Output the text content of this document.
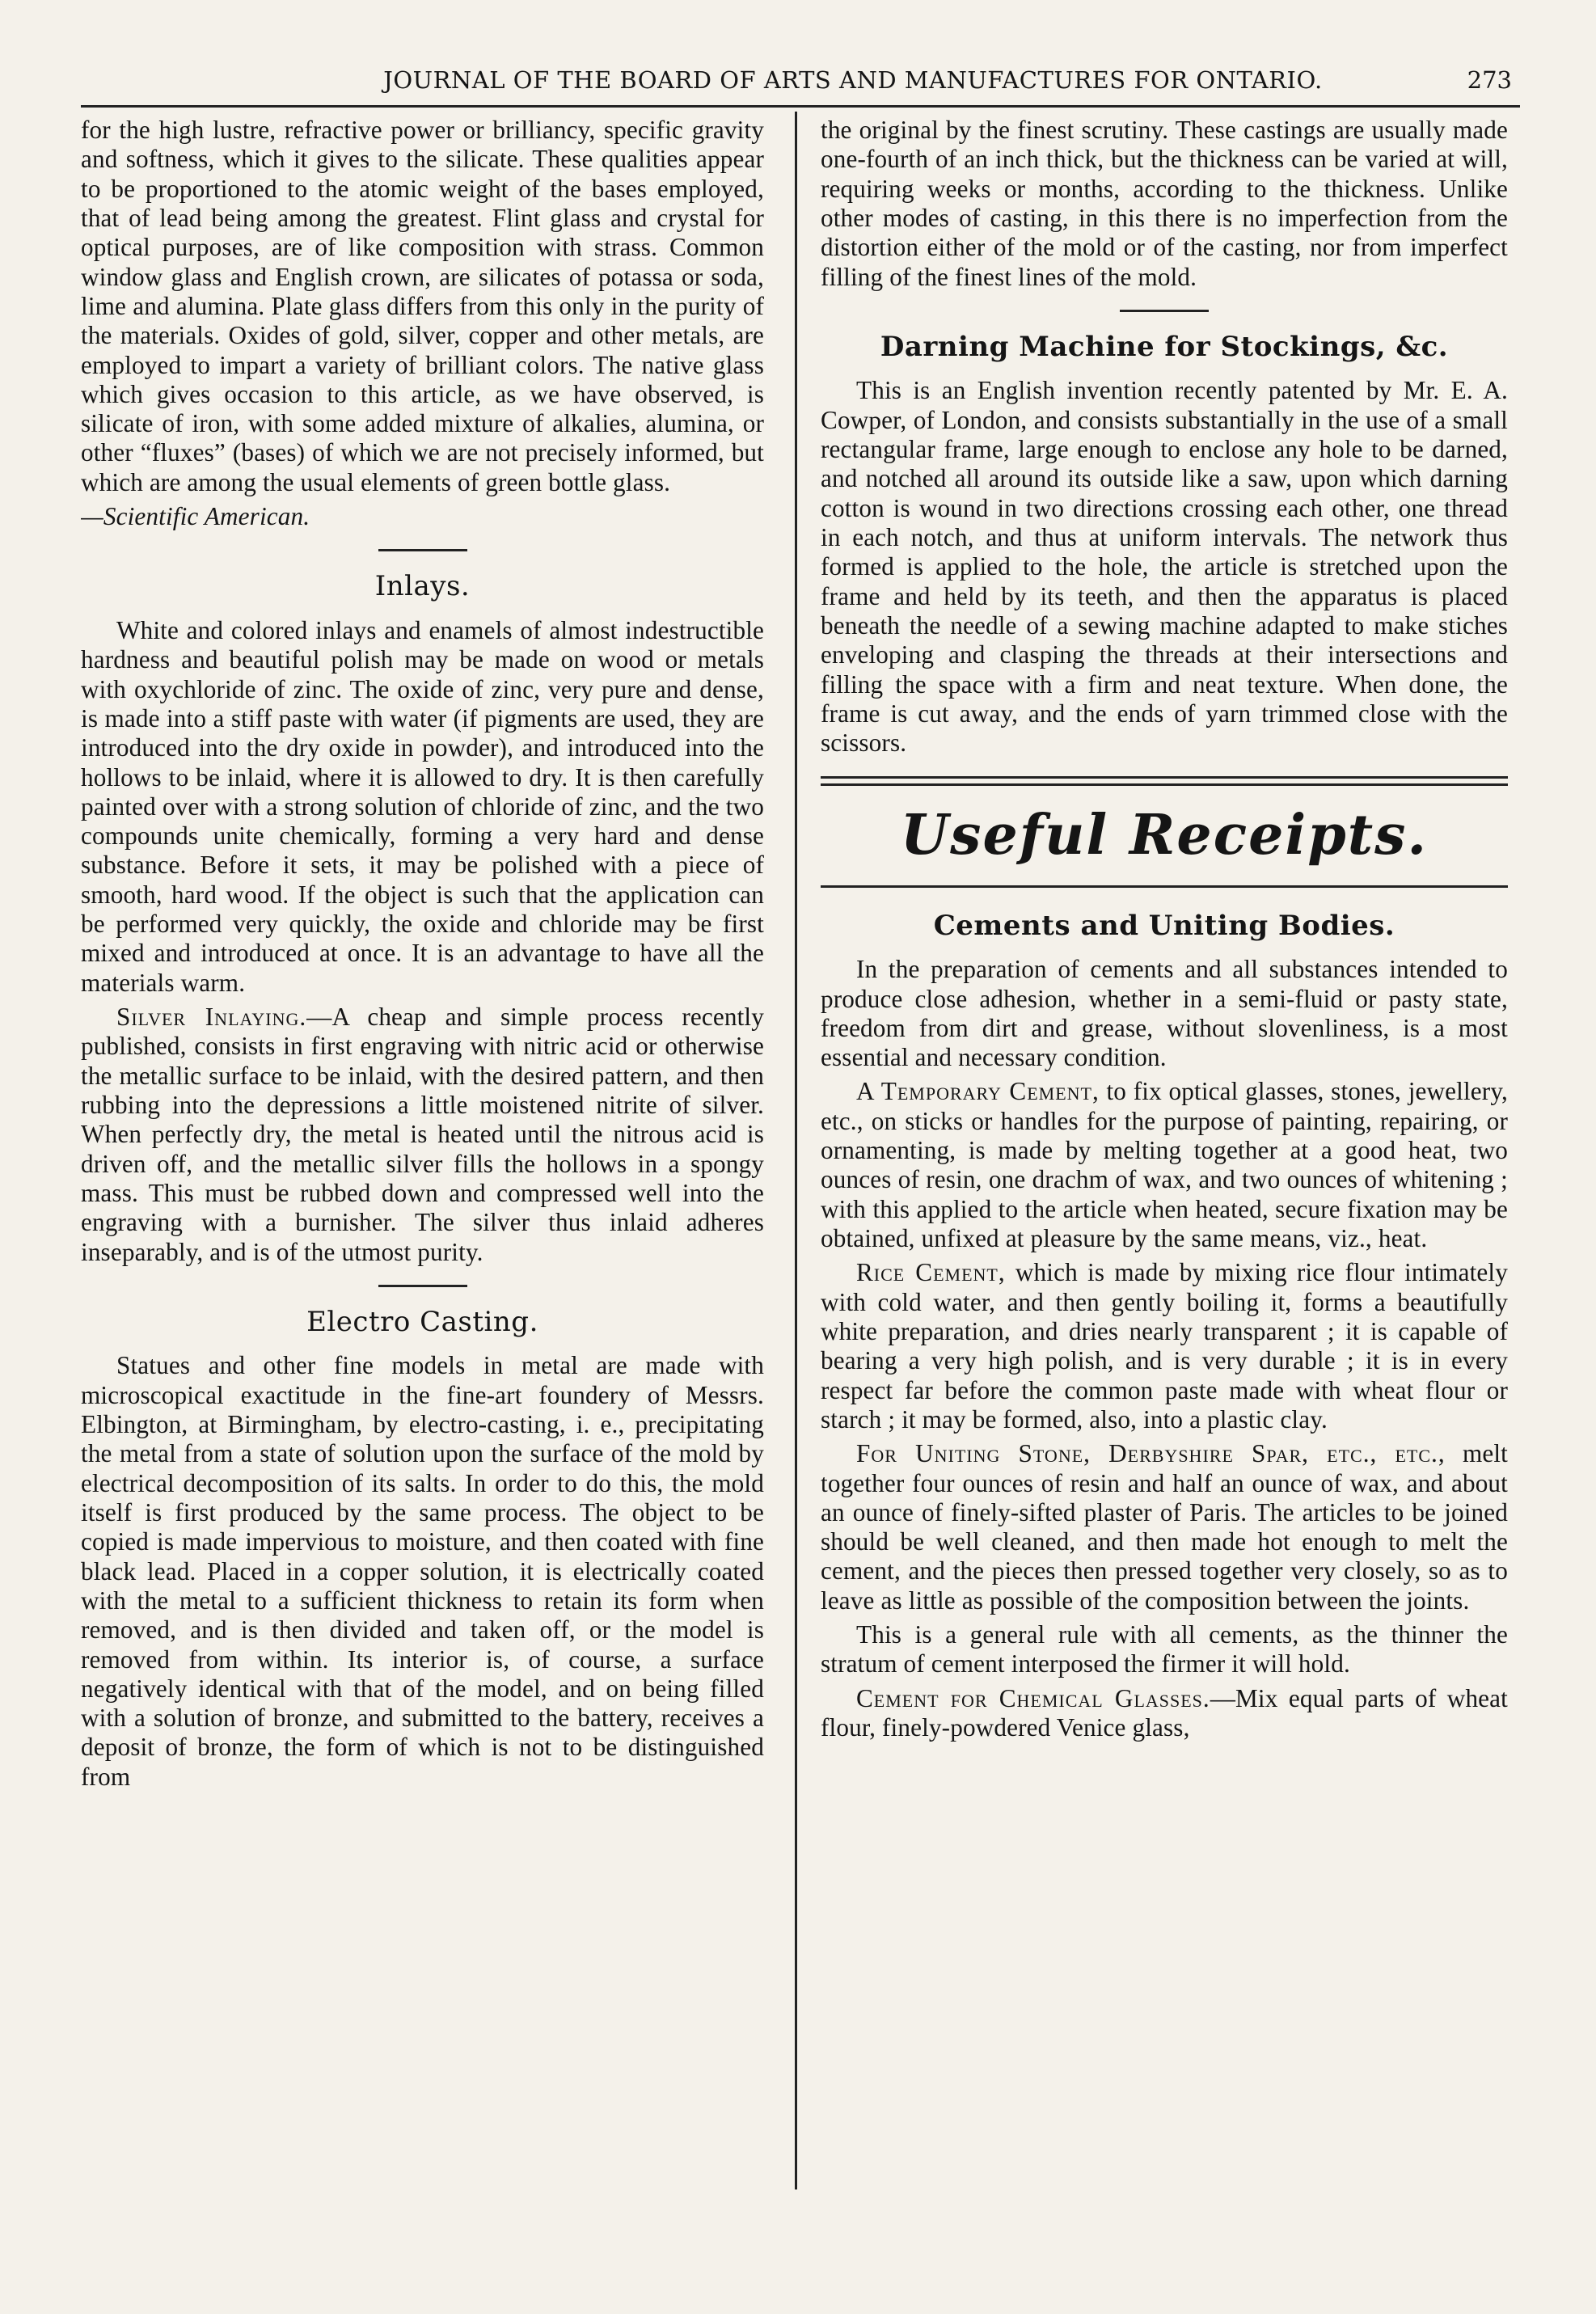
JOURNAL OF THE BOARD OF ARTS AND MANUFACTURES FOR ONTARIO.	273

for the high lustre, refractive power or brilliancy, specific gravity and softness, which it gives to the silicate. These qualities appear to be proportioned to the atomic weight of the bases employed, that of lead being among the greatest. Flint glass and crystal for optical purposes, are of like composition with strass. Common window glass and English crown, are silicates of potassa or soda, lime and alumina. Plate glass differs from this only in the purity of the materials. Oxides of gold, silver, copper and other metals, are employed to impart a variety of brilliant colors. The native glass which gives occasion to this article, as we have observed, is silicate of iron, with some added mixture of alkalies, alumina, or other “fluxes” (bases) of which we are not precisely informed, but which are among the usual elements of green bottle glass.

—Scientific American.

Inlays.

White and colored inlays and enamels of almost indestructible hardness and beautiful polish may be made on wood or metals with oxychloride of zinc. The oxide of zinc, very pure and dense, is made into a stiff paste with water (if pigments are used, they are introduced into the dry oxide in powder), and introduced into the hollows to be inlaid, where it is allowed to dry. It is then carefully painted over with a strong solution of chloride of zinc, and the two compounds unite chemically, forming a very hard and dense substance. Before it sets, it may be polished with a piece of smooth, hard wood. If the object is such that the application can be performed very quickly, the oxide and chloride may be first mixed and introduced at once. It is an advantage to have all the materials warm.

Silver Inlaying.—A cheap and simple process recently published, consists in first engraving with nitric acid or otherwise the metallic surface to be inlaid, with the desired pattern, and then rubbing into the depressions a little moistened nitrite of silver. When perfectly dry, the metal is heated until the nitrous acid is driven off, and the metallic silver fills the hollows in a spongy mass. This must be rubbed down and compressed well into the engraving with a burnisher. The silver thus inlaid adheres inseparably, and is of the utmost purity.

Electro Casting.

Statues and other fine models in metal are made with microscopical exactitude in the fine-art foundery of Messrs. Elbington, at Birmingham, by electro-casting, i. e., precipitating the metal from a state of solution upon the surface of the mold by electrical decomposition of its salts. In order to do this, the mold itself is first produced by the same process. The object to be copied is made impervious to moisture, and then coated with fine black lead. Placed in a copper solution, it is electrically coated with the metal to a sufficient thickness to retain its form when removed, and is then divided and taken off, or the model is removed from within. Its interior is, of course, a surface negatively identical with that of the model, and on being filled with a solution of bronze, and submitted to the battery, receives a deposit of bronze, the form of which is not to be distinguished from

the original by the finest scrutiny. These castings are usually made one-fourth of an inch thick, but the thickness can be varied at will, requiring weeks or months, according to the thickness. Unlike other modes of casting, in this there is no imperfection from the distortion either of the mold or of the casting, nor from imperfect filling of the finest lines of the mold.

Darning Machine for Stockings, &c.

This is an English invention recently patented by Mr. E. A. Cowper, of London, and consists substantially in the use of a small rectangular frame, large enough to enclose any hole to be darned, and notched all around its outside like a saw, upon which darning cotton is wound in two directions crossing each other, one thread in each notch, and thus at uniform intervals. The network thus formed is applied to the hole, the article is stretched upon the frame and held by its teeth, and then the apparatus is placed beneath the needle of a sewing machine adapted to make stiches enveloping and clasping the threads at their intersections and filling the space with a firm and neat texture. When done, the frame is cut away, and the ends of yarn trimmed close with the scissors.

Useful Receipts.
Cements and Uniting Bodies.

In the preparation of cements and all substances intended to produce close adhesion, whether in a semi-fluid or pasty state, freedom from dirt and grease, without slovenliness, is a most essential and necessary condition.

A Temporary Cement, to fix optical glasses, stones, jewellery, etc., on sticks or handles for the purpose of painting, repairing, or ornamenting, is made by melting together at a good heat, two ounces of resin, one drachm of wax, and two ounces of whitening ; with this applied to the article when heated, secure fixation may be obtained, unfixed at pleasure by the same means, viz., heat.

Rice Cement, which is made by mixing rice flour intimately with cold water, and then gently boiling it, forms a beautifully white preparation, and dries nearly transparent ; it is capable of bearing a very high polish, and is very durable ; it is in every respect far before the common paste made with wheat flour or starch ; it may be formed, also, into a plastic clay.

For Uniting Stone, Derbyshire Spar, etc., etc., melt together four ounces of resin and half an ounce of wax, and about an ounce of finely-sifted plaster of Paris. The articles to be joined should be well cleaned, and then made hot enough to melt the cement, and the pieces then pressed together very closely, so as to leave as little as possible of the composition between the joints.

This is a general rule with all cements, as the thinner the stratum of cement interposed the firmer it will hold.

Cement for Chemical Glasses.—Mix equal parts of wheat flour, finely-powdered Venice glass,
